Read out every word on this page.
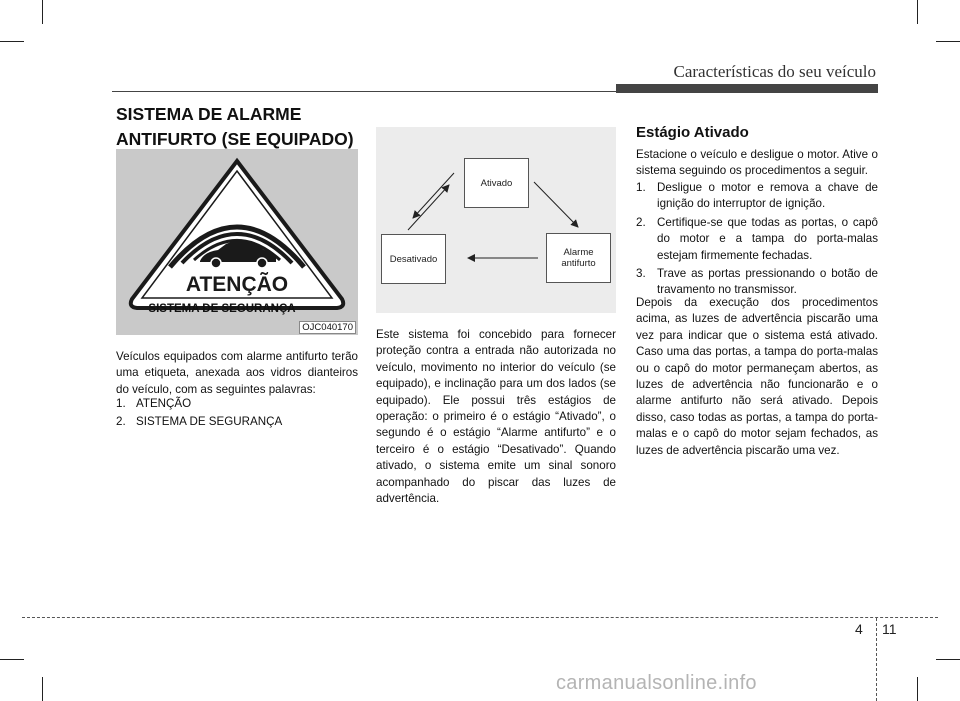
Características do seu veículo
SISTEMA DE ALARME
ANTIFURTO (SE EQUIPADO)
ATENÇÃO
SISTEMA DE SEGURANÇA
OJC040170
Veículos equipados com alarme antifurto terão uma etiqueta, anexada aos vidros dianteiros do veículo, com as seguintes palavras:
1. ATENÇÃO
2. SISTEMA DE SEGURANÇA
Ativado
Alarme
antifurto
Desativado
Este sistema foi concebido para fornecer proteção contra a entrada não autorizada no veículo, movimento no interior do veículo (se equipado), e inclinação para um dos lados (se equipado). Ele possui três estágios de operação: o primeiro é o estágio “Ativado”, o segundo é o estágio “Alarme antifurto” e o terceiro é o estágio “Desativado”. Quando ativado, o sistema emite um sinal sonoro acompanhado do piscar das luzes de advertência.
Estágio Ativado
Estacione o veículo e desligue o motor. Ative o sistema seguindo os procedimentos a seguir.
1. Desligue o motor e remova a chave de ignição do interruptor de ignição.
2. Certifique-se que todas as portas, o capô do motor e a tampa do porta-malas estejam firmemente fechadas.
3. Trave as portas pressionando o botão de travamento no transmissor.
Depois da execução dos procedimentos acima, as luzes de advertência piscarão uma vez para indicar que o sistema está ativado. Caso uma das portas, a tampa do porta-malas ou o capô do motor permaneçam abertos, as luzes de advertência não funcionarão e o alarme antifurto não será ativado. Depois disso, caso todas as portas, a tampa do porta-malas e o capô do motor sejam fechados, as luzes de advertência piscarão uma vez.
4 11
carmanualsonline.info
